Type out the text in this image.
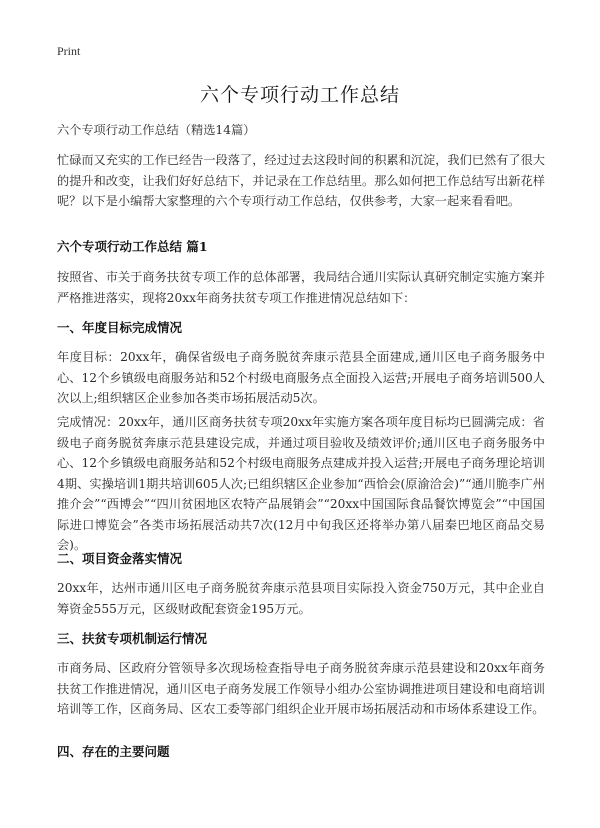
Print
六个专项行动工作总结
六个专项行动工作总结（精选14篇）
忙碌而又充实的工作已经告一段落了，经过过去这段时间的积累和沉淀，我们已然有了很大的提升和改变，让我们好好总结下，并记录在工作总结里。那么如何把工作总结写出新花样呢？以下是小编帮大家整理的六个专项行动工作总结，仅供参考，大家一起来看看吧。
六个专项行动工作总结 篇1
按照省、市关于商务扶贫专项工作的总体部署，我局结合通川实际认真研究制定实施方案并严格推进落实，现将20xx年商务扶贫专项工作推进情况总结如下：
一、年度目标完成情况
年度目标：20xx年，确保省级电子商务脱贫奔康示范县全面建成,通川区电子商务服务中心、12个乡镇级电商服务站和52个村级电商服务点全面投入运营;开展电子商务培训500人次以上;组织辖区企业参加各类市场拓展活动5次。
完成情况：20xx年，通川区商务扶贫专项20xx年实施方案各项年度目标均已圆满完成：省级电子商务脱贫奔康示范县建设完成，并通过项目验收及绩效评价;通川区电子商务服务中心、12个乡镇级电商服务站和52个村级电商服务点建成并投入运营;开展电子商务理论培训4期、实操培训1期共培训605人次;已组织辖区企业参加“西恰会(原渝洽会)”“通川脆李广州推介会”“西博会”“四川贫困地区农特产品展销会”“20xx中国国际食品餐饮博览会”“中国国际进口博览会”各类市场拓展活动共7次(12月中旬我区还将举办第八届秦巴地区商品交易会)。
二、项目资金落实情况
20xx年，达州市通川区电子商务脱贫奔康示范县项目实际投入资金750万元，其中企业自筹资金555万元，区级财政配套资金195万元。
三、扶贫专项机制运行情况
市商务局、区政府分管领导多次现场检查指导电子商务脱贫奔康示范县建设和20xx年商务扶贫工作推进情况，通川区电子商务发展工作领导小组办公室协调推进项目建设和电商培训培训等工作，区商务局、区农工委等部门组织企业开展市场拓展活动和市场体系建设工作。
四、存在的主要问题
